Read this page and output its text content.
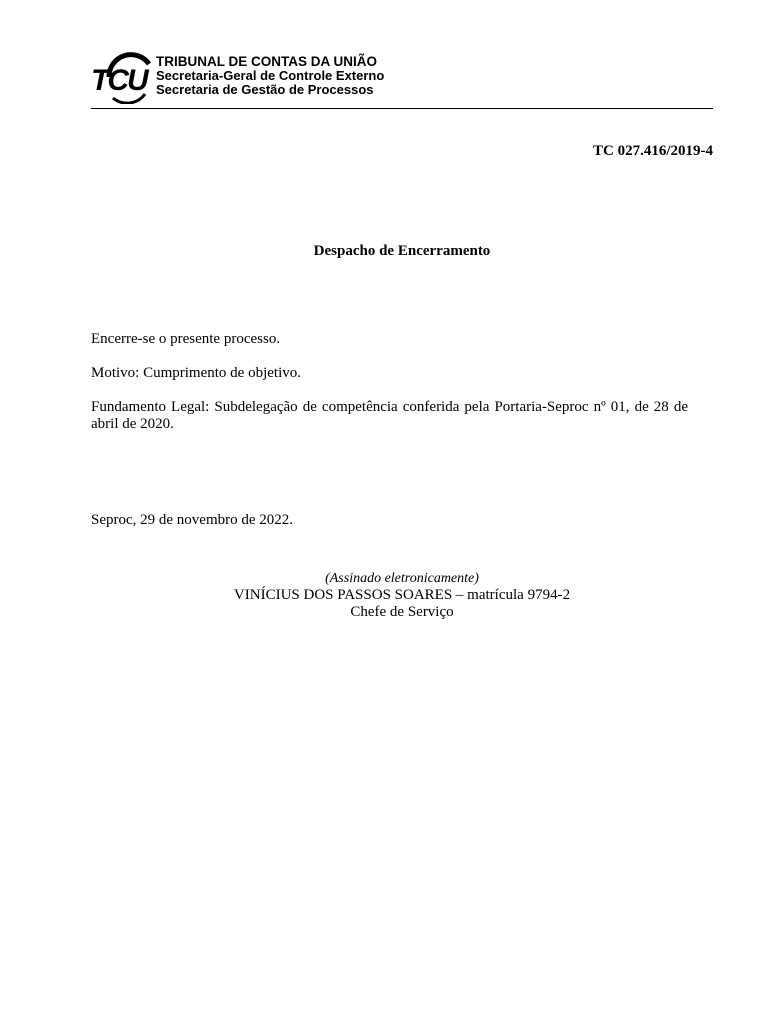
TCU
TRIBUNAL DE CONTAS DA UNIÃO
Secretaria-Geral de Controle Externo
Secretaria de Gestão de Processos
TC 027.416/2019-4
Despacho de Encerramento
Encerre-se o presente processo.
Motivo: Cumprimento de objetivo.
Fundamento Legal: Subdelegação de competência conferida pela Portaria-Seproc nº 01, de 28 de abril de 2020.
Seproc, 29 de novembro de 2022.
(Assinado eletronicamente)
VINÍCIUS DOS PASSOS SOARES – matrícula 9794-2
Chefe de Serviço
